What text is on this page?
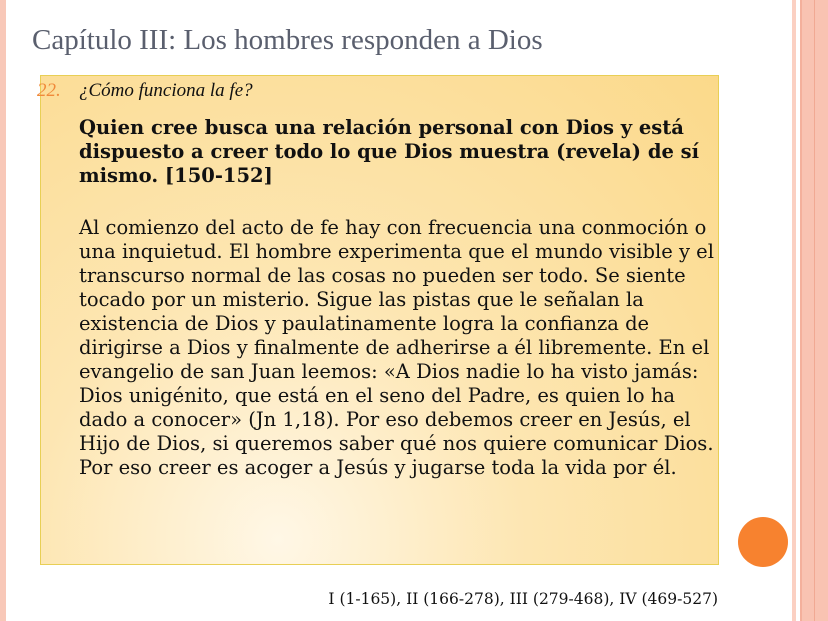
Capítulo III: Los hombres responden a Dios
22. ¿Cómo funciona la fe?
Quien cree busca una relación personal con Dios y está dispuesto a creer todo lo que Dios muestra (revela) de sí mismo. [150-152]
Al comienzo del acto de fe hay con frecuencia una conmoción o una inquietud. El hombre experimenta que el mundo visible y el transcurso normal de las cosas no pueden ser todo. Se siente tocado por un misterio. Sigue las pistas que le señalan la existencia de Dios y paulatinamente logra la confianza de dirigirse a Dios y finalmente de adherirse a él libremente. En el evangelio de san Juan leemos: «A Dios nadie lo ha visto jamás: Dios unigénito, que está en el seno del Padre, es quien lo ha dado a conocer» (Jn 1,18). Por eso debemos creer en Jesús, el Hijo de Dios, si queremos saber qué nos quiere comunicar Dios. Por eso creer es acoger a Jesús y jugarse toda la vida por él.
I (1-165), II (166-278), III (279-468), IV (469-527)
